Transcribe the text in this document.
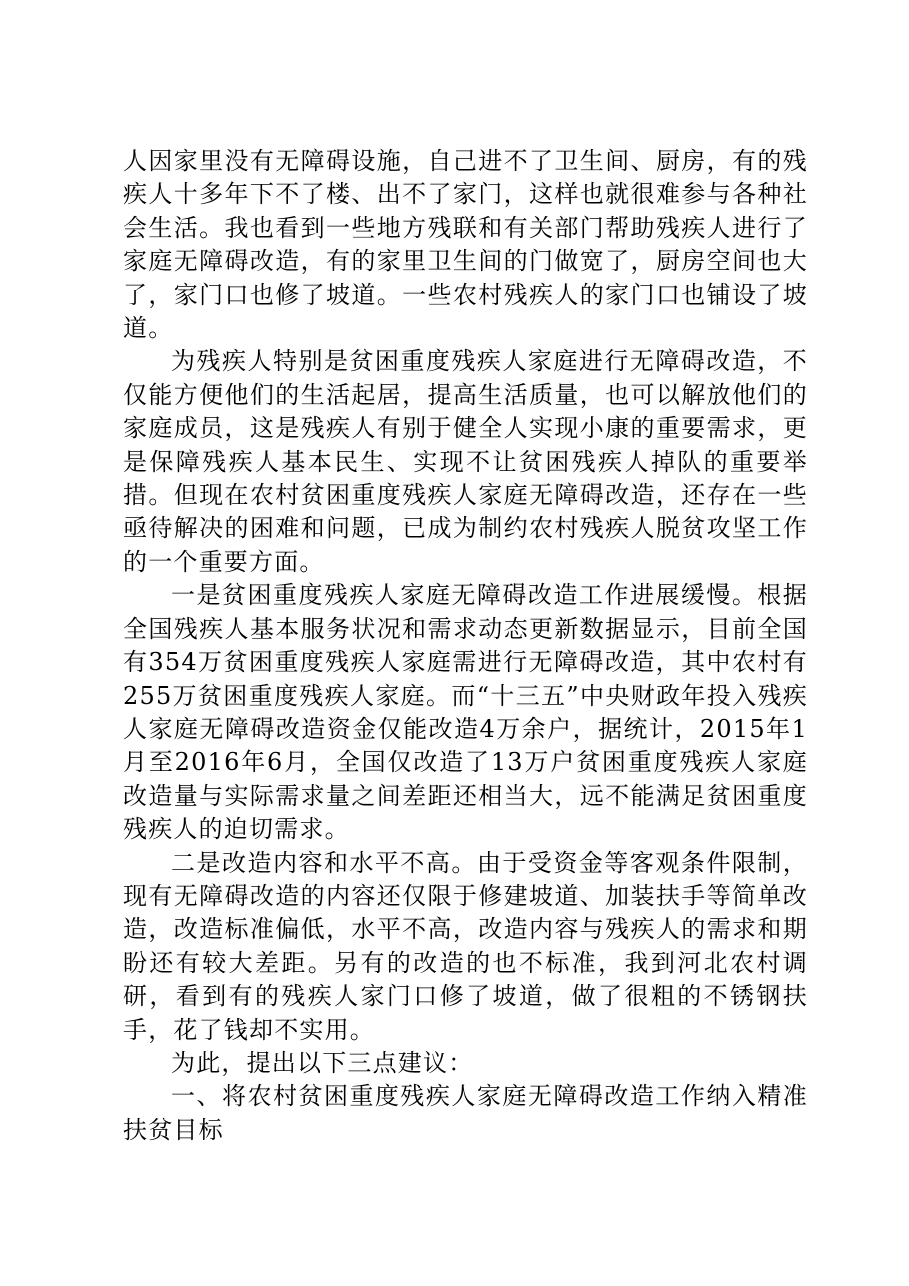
人因家里没有无障碍设施，自己进不了卫生间、厨房，有的残疾人十多年下不了楼、出不了家门，这样也就很难参与各种社会生活。我也看到一些地方残联和有关部门帮助残疾人进行了家庭无障碍改造，有的家里卫生间的门做宽了，厨房空间也大了，家门口也修了坡道。一些农村残疾人的家门口也铺设了坡道。

为残疾人特别是贫困重度残疾人家庭进行无障碍改造，不仅能方便他们的生活起居，提高生活质量，也可以解放他们的家庭成员，这是残疾人有别于健全人实现小康的重要需求，更是保障残疾人基本民生、实现不让贫困残疾人掉队的重要举措。但现在农村贫困重度残疾人家庭无障碍改造，还存在一些亟待解决的困难和问题，已成为制约农村残疾人脱贫攻坚工作的一个重要方面。

一是贫困重度残疾人家庭无障碍改造工作进展缓慢。根据全国残疾人基本服务状况和需求动态更新数据显示，目前全国有354万贫困重度残疾人家庭需进行无障碍改造，其中农村有255万贫困重度残疾人家庭。而“十三五”中央财政年投入残疾人家庭无障碍改造资金仅能改造4万余户，据统计，2015年1月至2016年6月，全国仅改造了13万户贫困重度残疾人家庭改造量与实际需求量之间差距还相当大，远不能满足贫困重度残疾人的迫切需求。

二是改造内容和水平不高。由于受资金等客观条件限制，现有无障碍改造的内容还仅限于修建坡道、加装扶手等简单改造，改造标准偏低，水平不高，改造内容与残疾人的需求和期盼还有较大差距。另有的改造的也不标准，我到河北农村调研，看到有的残疾人家门口修了坡道，做了很粗的不锈钢扶手，花了钱却不实用。

为此，提出以下三点建议：

一、将农村贫困重度残疾人家庭无障碍改造工作纳入精准扶贫目标
